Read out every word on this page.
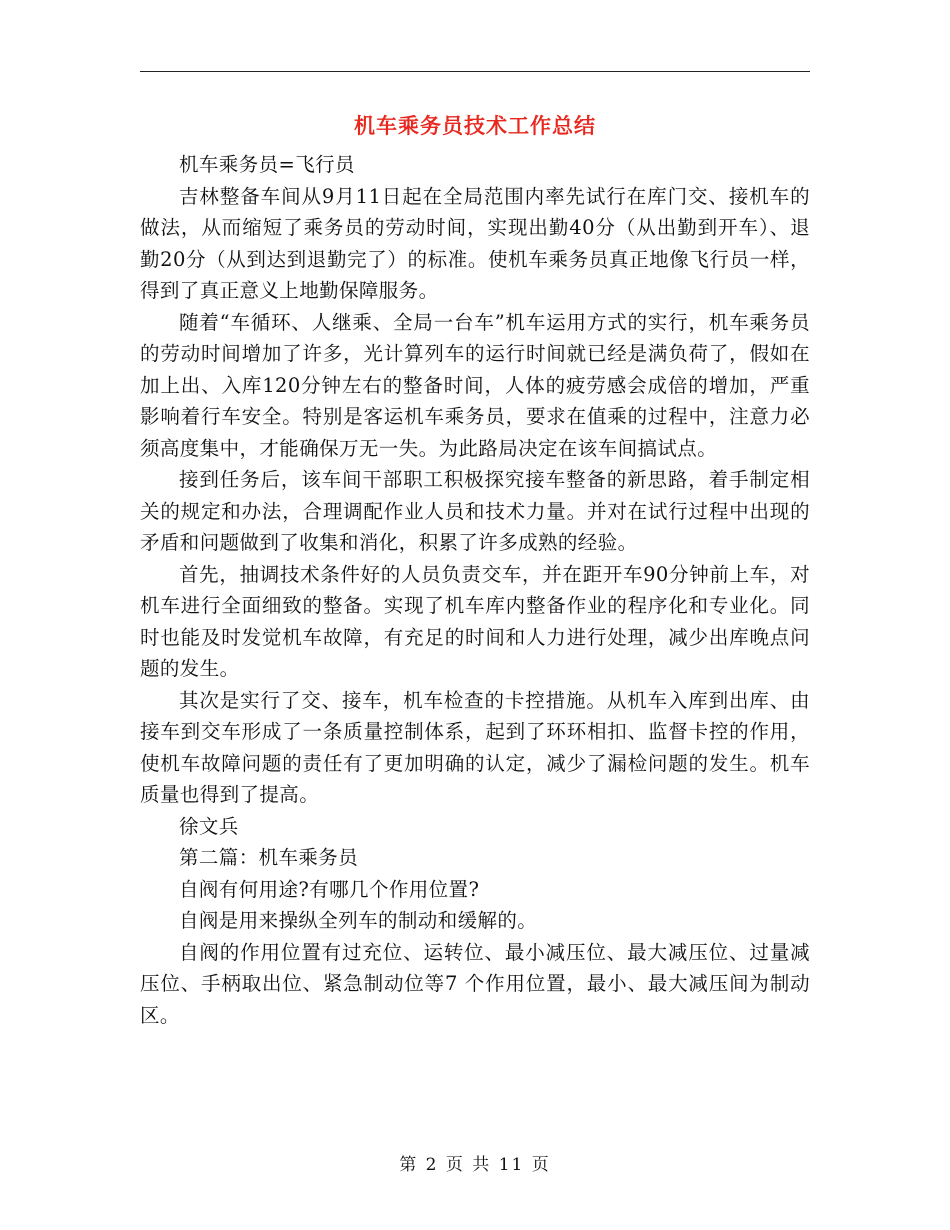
机车乘务员技术工作总结

机车乘务员=飞行员

吉林整备车间从9月11日起在全局范围内率先试行在库门交、接机车的做法，从而缩短了乘务员的劳动时间，实现出勤40分（从出勤到开车）、退勤20分（从到达到退勤完了）的标准。使机车乘务员真正地像飞行员一样，得到了真正意义上地勤保障服务。

随着“车循环、人继乘、全局一台车”机车运用方式的实行，机车乘务员的劳动时间增加了许多，光计算列车的运行时间就已经是满负荷了，假如在加上出、入库120分钟左右的整备时间，人体的疲劳感会成倍的增加，严重影响着行车安全。特别是客运机车乘务员，要求在值乘的过程中，注意力必须高度集中，才能确保万无一失。为此路局决定在该车间搞试点。

接到任务后，该车间干部职工积极探究接车整备的新思路，着手制定相关的规定和办法，合理调配作业人员和技术力量。并对在试行过程中出现的矛盾和问题做到了收集和消化，积累了许多成熟的经验。

首先，抽调技术条件好的人员负责交车，并在距开车90分钟前上车，对机车进行全面细致的整备。实现了机车库内整备作业的程序化和专业化。同时也能及时发觉机车故障，有充足的时间和人力进行处理，减少出库晚点问题的发生。

其次是实行了交、接车，机车检查的卡控措施。从机车入库到出库、由接车到交车形成了一条质量控制体系，起到了环环相扣、监督卡控的作用，使机车故障问题的责任有了更加明确的认定，减少了漏检问题的发生。机车质量也得到了提高。

徐文兵

第二篇：机车乘务员

自阀有何用途?有哪几个作用位置?

自阀是用来操纵全列车的制动和缓解的。

自阀的作用位置有过充位、运转位、最小减压位、最大减压位、过量减压位、手柄取出位、紧急制动位等7 个作用位置，最小、最大减压间为制动区。

第 2 页 共 11 页
